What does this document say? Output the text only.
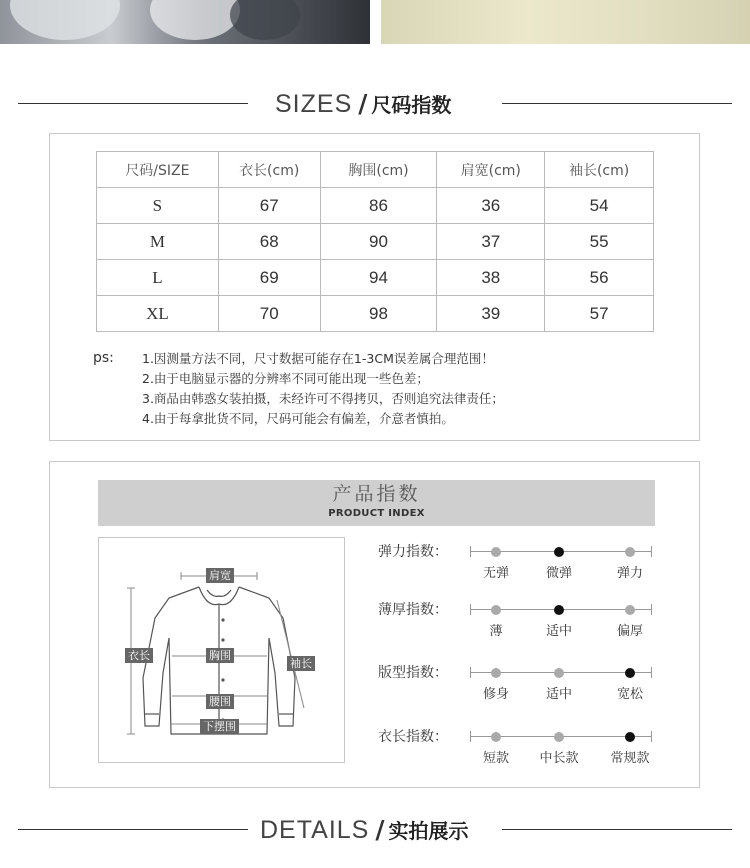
SIZES / 尺码指数
尺码/SIZE	衣长(cm)	胸围(cm)	肩宽(cm)	袖长(cm)
S	67	86	36	54
M	68	90	37	55
L	69	94	38	56
XL	70	98	39	57
ps: 1.因测量方法不同，尺寸数据可能存在1-3CM误差属合理范围！
2.由于电脑显示器的分辨率不同可能出现一些色差；
3.商品由韩惑女装拍摄，未经许可不得拷贝，否则追究法律责任；
4.由于每拿批货不同，尺码可能会有偏差，介意者慎拍。
产品指数
PRODUCT INDEX
肩宽
衣长	胸围
袖长
腰围
下摆围
弹力指数：
无弹	微弹	弹力
薄厚指数：
薄	适中	偏厚
版型指数：
修身	适中	宽松
衣长指数：
短款	中长款	常规款
DETAILS / 实拍展示
